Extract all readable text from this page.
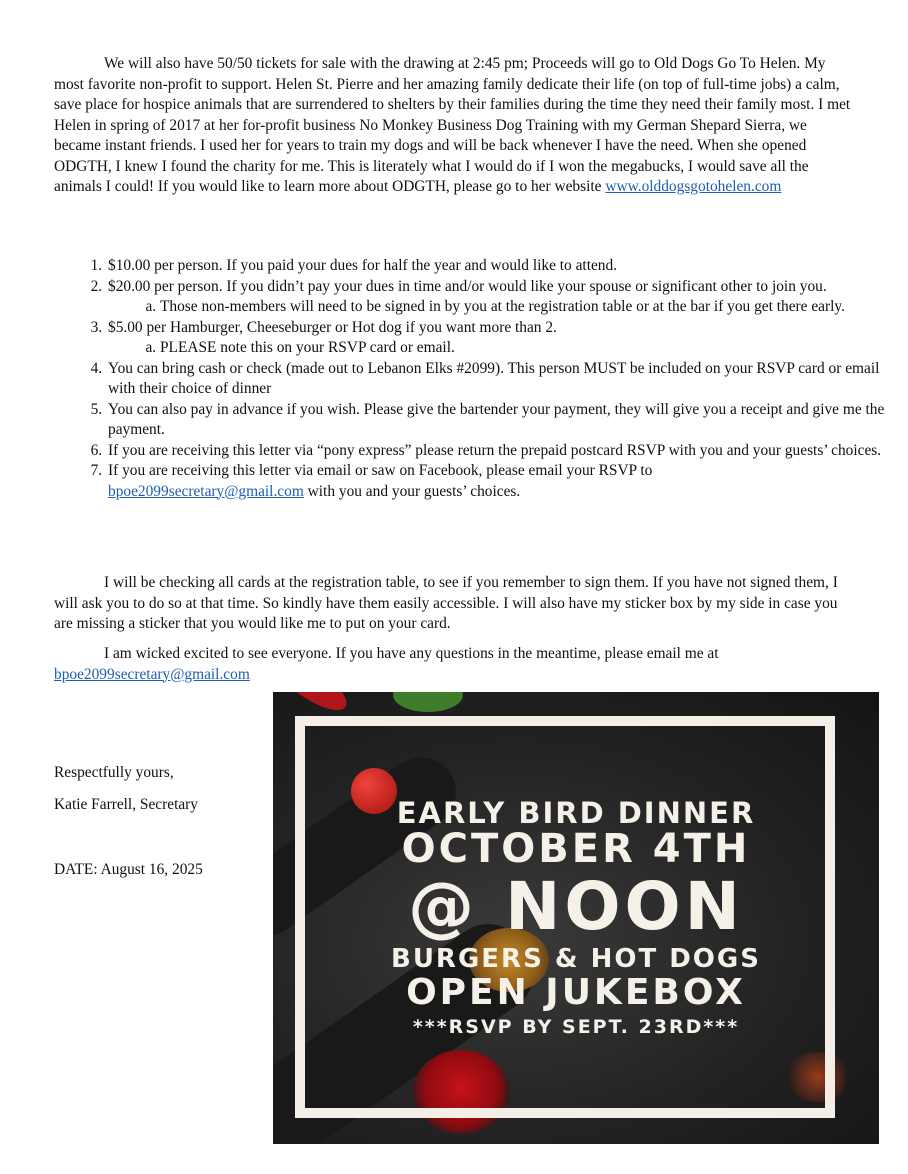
We will also have 50/50 tickets for sale with the drawing at 2:45 pm; Proceeds will go to Old Dogs Go To Helen. My most favorite non-profit to support. Helen St. Pierre and her amazing family dedicate their life (on top of full-time jobs) a calm, save place for hospice animals that are surrendered to shelters by their families during the time they need their family most. I met Helen in spring of 2017 at her for-profit business No Monkey Business Dog Training with my German Shepard Sierra, we became instant friends. I used her for years to train my dogs and will be back whenever I have the need. When she opened ODGTH, I knew I found the charity for me. This is literately what I would do if I won the megabucks, I would save all the animals I could! If you would like to learn more about ODGTH, please go to her website www.olddogsgotohelen.com

1. $10.00 per person. If you paid your dues for half the year and would like to attend.
2. $20.00 per person. If you didn’t pay your dues in time and/or would like your spouse or significant other to join you.
a. Those non-members will need to be signed in by you at the registration table or at the bar if you get there early.
3. $5.00 per Hamburger, Cheeseburger or Hot dog if you want more than 2.
a. PLEASE note this on your RSVP card or email.
4. You can bring cash or check (made out to Lebanon Elks #2099). This person MUST be included on your RSVP card or email with their choice of dinner
5. You can also pay in advance if you wish. Please give the bartender your payment, they will give you a receipt and give me the payment.
6. If you are receiving this letter via “pony express” please return the prepaid postcard RSVP with you and your guests’ choices.
7. If you are receiving this letter via email or saw on Facebook, please email your RSVP to
bpoe2099secretary@gmail.com with you and your guests’ choices.

I will be checking all cards at the registration table, to see if you remember to sign them. If you have not signed them, I will ask you to do so at that time. So kindly have them easily accessible. I will also have my sticker box by my side in case you are missing a sticker that you would like me to put on your card.

I am wicked excited to see everyone. If you have any questions in the meantime, please email me at bpoe2099secretary@gmail.com

Respectfully yours,

Katie Farrell, Secretary

DATE: August 16, 2025

EARLY BIRD DINNER
OCTOBER 4TH
@ NOON
BURGERS & HOT DOGS
OPEN JUKEBOX
***RSVP BY SEPT. 23RD***
